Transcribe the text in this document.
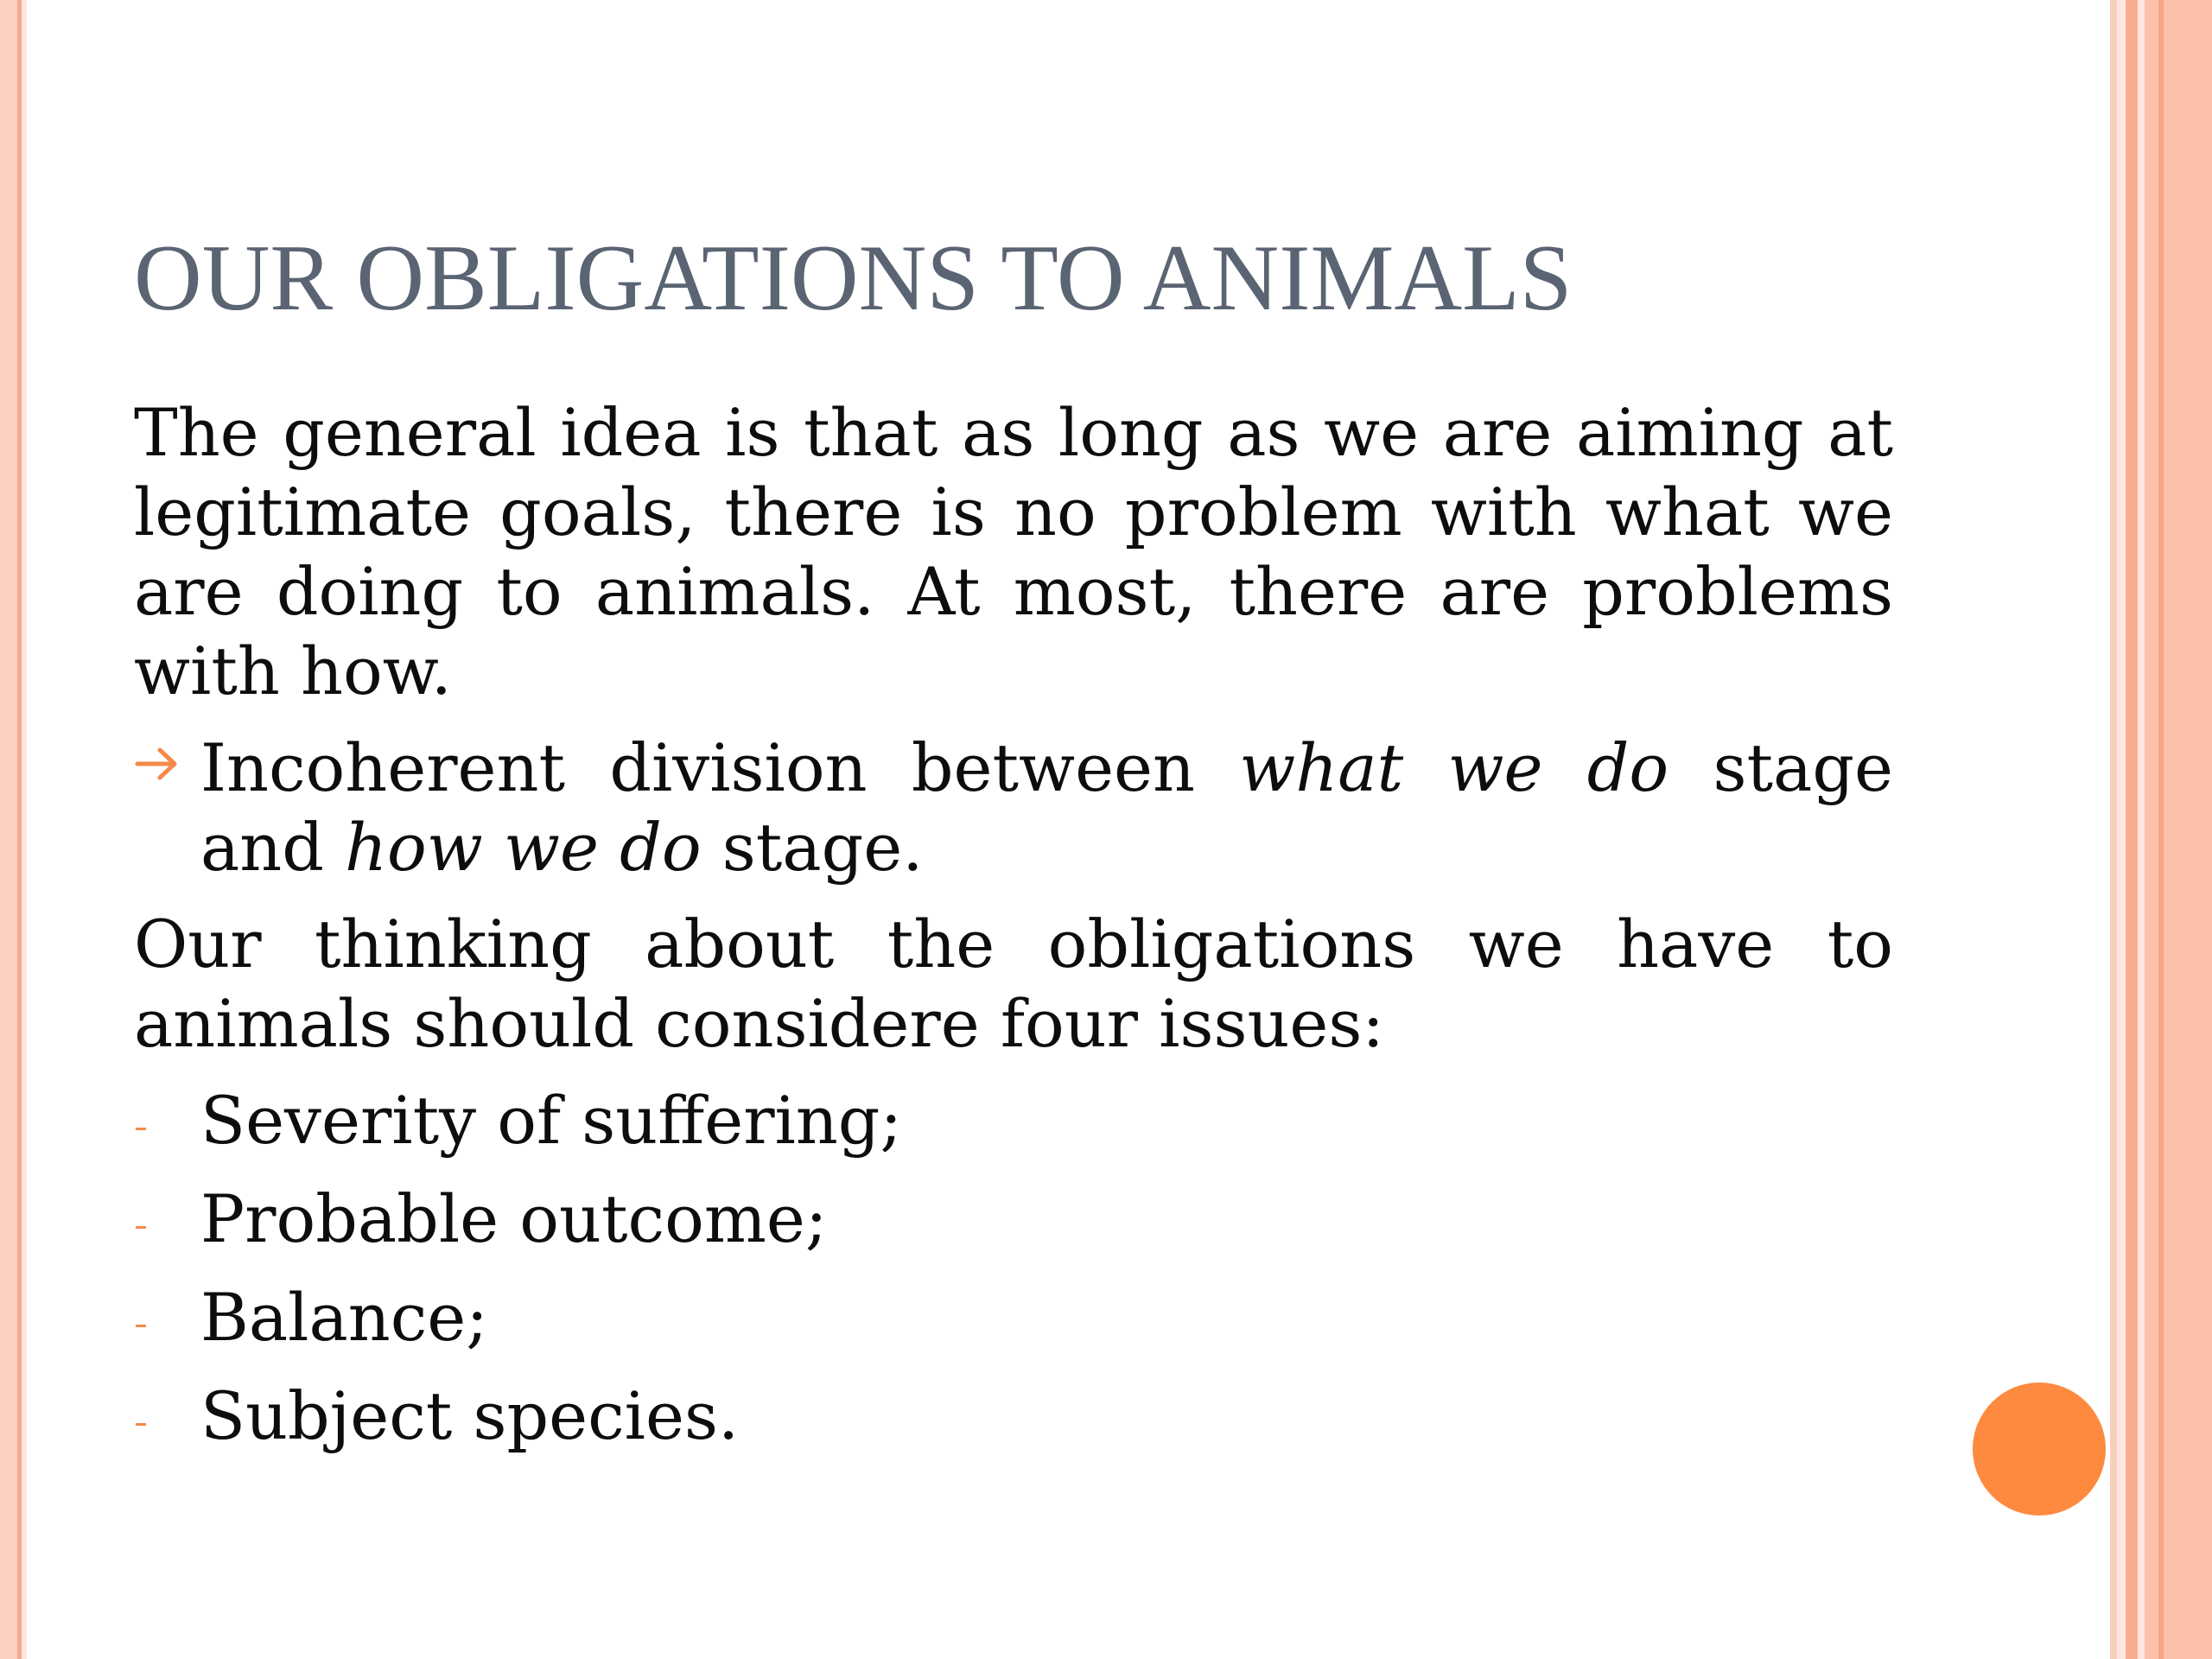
OUR OBLIGATIONS TO ANIMALS

The general idea is that as long as we are aiming at legitimate goals, there is no problem with what we are doing to animals. At most, there are problems with how.

Incoherent division between what we do stage and how we do stage.

Our thinking about the obligations we have to animals should considere four issues:

Severity of suffering;
Probable outcome;
Balance;
Subject species.
